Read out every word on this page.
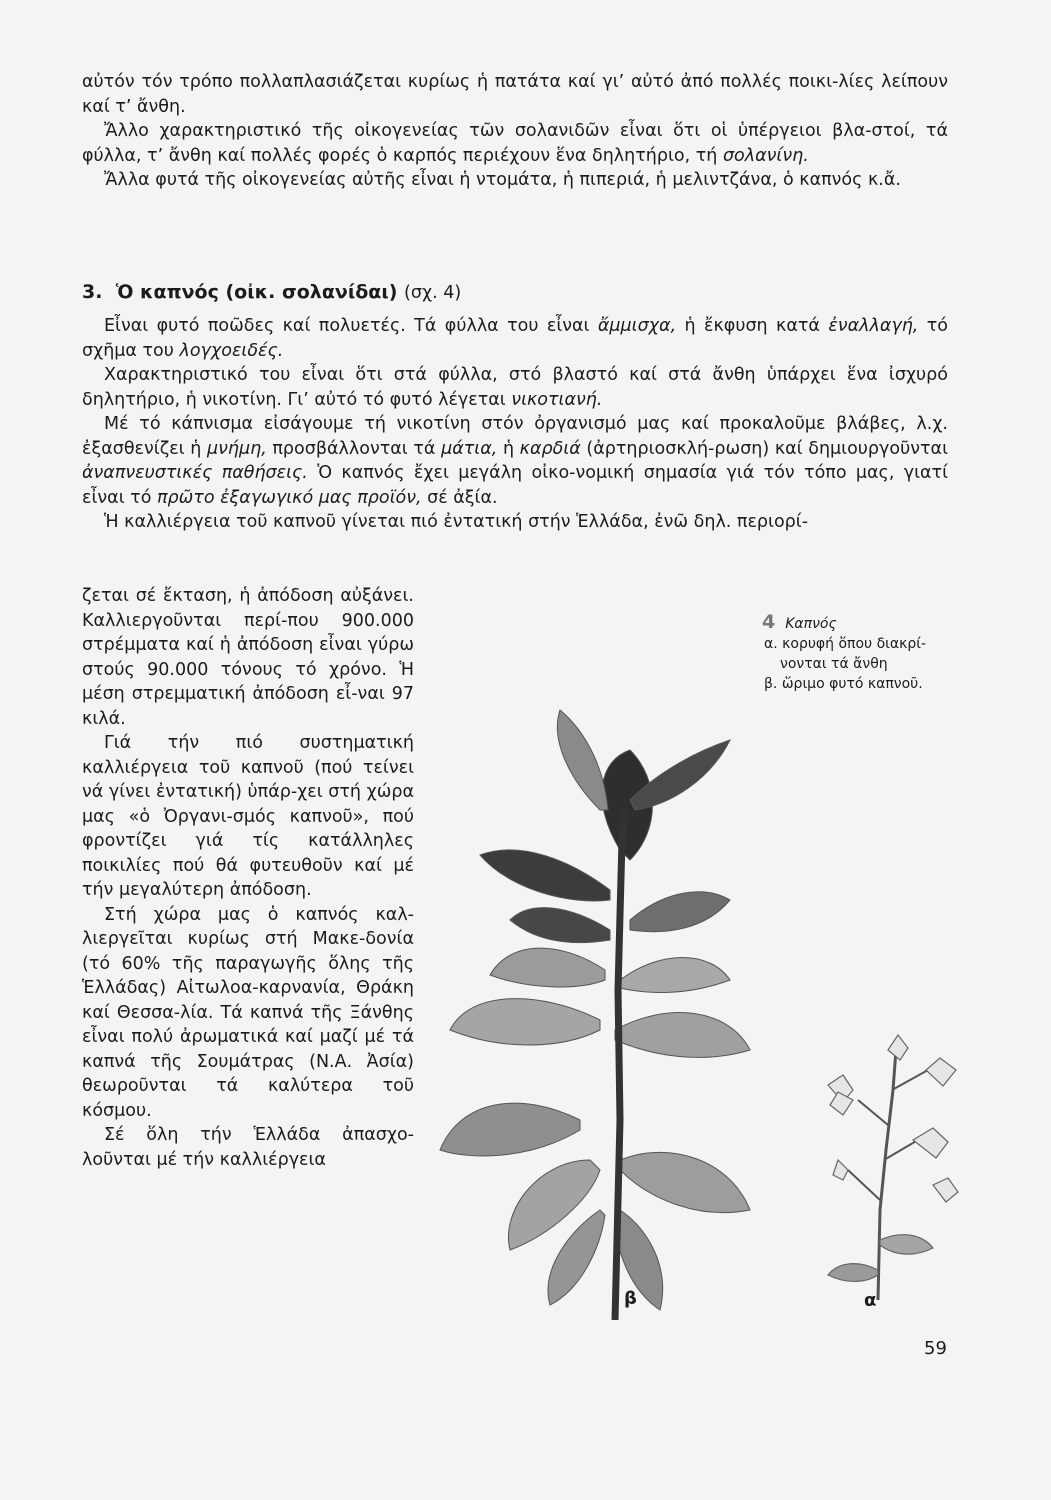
αὐτόν τόν τρόπο πολλαπλασιάζεται κυρίως ἡ πατάτα καί γι’ αὐτό ἀπό πολλές ποικι-λίες λείπουν καί τ’ ἄνθη.

Ἄλλο χαρακτηριστικό τῆς οἰκογενείας τῶν σολανιδῶν εἶναι ὅτι οἱ ὑπέργειοι βλα-στοί, τά φύλλα, τ’ ἄνθη καί πολλές φορές ὁ καρπός περιέχουν ἕνα δηλητήριο, τή σολανίνη.

Ἄλλα φυτά τῆς οἰκογενείας αὐτῆς εἶναι ἡ ντομάτα, ἡ πιπεριά, ἡ μελιντζάνα, ὁ καπνός κ.ἄ.

3. Ὁ καπνός (οἰκ. σολανίδαι) (σχ. 4)

Εἶναι φυτό ποῶδες καί πολυετές. Τά φύλλα του εἶναι ἄμμισχα, ἡ ἔκφυση κατά ἐναλλαγή, τό σχῆμα του λογχοειδές.

Χαρακτηριστικό του εἶναι ὅτι στά φύλλα, στό βλαστό καί στά ἄνθη ὑπάρχει ἕνα ἰσχυρό δηλητήριο, ἡ νικοτίνη. Γι’ αὐτό τό φυτό λέγεται νικοτιανή.

Μέ τό κάπνισμα εἰσάγουμε τή νικοτίνη στόν ὀργανισμό μας καί προκαλοῦμε βλάβες, λ.χ. ἐξασθενίζει ἡ μνήμη, προσβάλλονται τά μάτια, ἡ καρδιά (ἀρτηριοσκλή-ρωση) καί δημιουργοῦνται ἀναπνευστικές παθήσεις. Ὁ καπνός ἔχει μεγάλη οἰκο-νομική σημασία γιά τόν τόπο μας, γιατί εἶναι τό πρῶτο ἐξαγωγικό μας προϊόν, σέ ἀξία.

Ἡ καλλιέργεια τοῦ καπνοῦ γίνεται πιό ἐντατική στήν Ἑλλάδα, ἐνῶ δηλ. περιορί-

ζεται σέ ἔκταση, ἡ ἀπόδοση αὐξάνει. Καλλιεργοῦνται περί-που 900.000 στρέμματα καί ἡ ἀπόδοση εἶναι γύρω στούς 90.000 τόνους τό χρόνο. Ἡ μέση στρεμματική ἀπόδοση εἶ-ναι 97 κιλά.

Γιά τήν πιό συστηματική καλλιέργεια τοῦ καπνοῦ (πού τείνει νά γίνει ἐντατική) ὑπάρ-χει στή χώρα μας «ὁ Ὀργανι-σμός καπνοῦ», πού φροντίζει γιά τίς κατάλληλες ποικιλίες πού θά φυτευθοῦν καί μέ τήν μεγαλύτερη ἀπόδοση.

Στή χώρα μας ὁ καπνός καλ-λιεργεῖται κυρίως στή Μακε-δονία (τό 60% τῆς παραγωγῆς ὅλης τῆς Ἑλλάδας) Αἰτωλοα-καρνανία, Θράκη καί Θεσσα-λία. Τά καπνά τῆς Ξάνθης εἶναι πολύ ἀρωματικά καί μαζί μέ τά καπνά τῆς Σουμάτρας (Ν.Α. Ἀσία) θεωροῦνται τά καλύτερα τοῦ κόσμου.

Σέ ὅλη τήν Ἑλλάδα ἀπασχο-λοῦνται μέ τήν καλλιέργεια

4 Καπνός
α. κορυφή ὅπου διακρί-
νονται τά ἄνθη
β. ὥριμο φυτό καπνοῦ.
β	α
59
